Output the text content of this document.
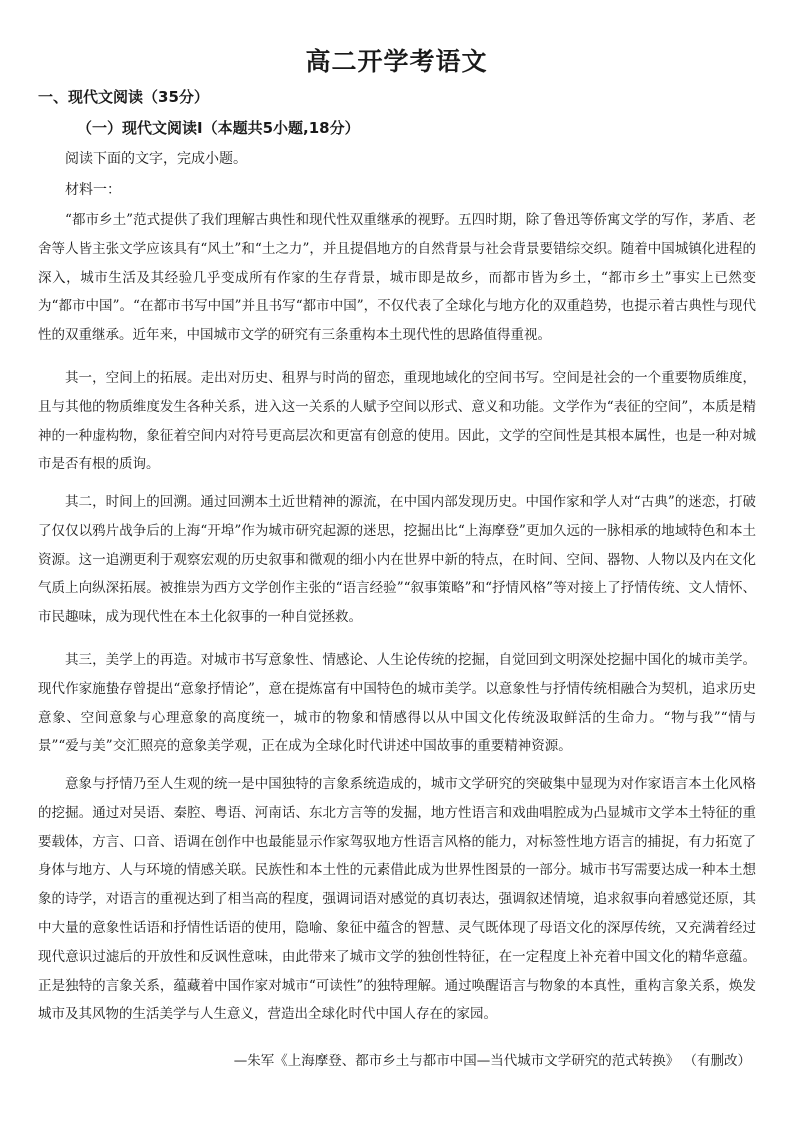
高二开学考语文
一、现代文阅读（35分）
（一）现代文阅读Ⅰ（本题共5小题,18分）
阅读下面的文字，完成小题。
材料一：

“都市乡土”范式提供了我们理解古典性和现代性双重继承的视野。五四时期，除了鲁迅等侨寓文学的写作，茅盾、老舍等人皆主张文学应该具有“风土”和“土之力”，并且提倡地方的自然背景与社会背景要错综交织。随着中国城镇化进程的深入，城市生活及其经验几乎变成所有作家的生存背景，城市即是故乡，而都市皆为乡土，“都市乡土”事实上已然变为“都市中国”。“在都市书写中国”并且书写“都市中国”，不仅代表了全球化与地方化的双重趋势，也提示着古典性与现代性的双重继承。近年来，中国城市文学的研究有三条重构本土现代性的思路值得重视。

其一，空间上的拓展。走出对历史、租界与时尚的留恋，重现地域化的空间书写。空间是社会的一个重要物质维度，且与其他的物质维度发生各种关系，进入这一关系的人赋予空间以形式、意义和功能。文学作为“表征的空间”，本质是精神的一种虚构物，象征着空间内对符号更高层次和更富有创意的使用。因此，文学的空间性是其根本属性，也是一种对城市是否有根的质询。

其二，时间上的回溯。通过回溯本土近世精神的源流，在中国内部发现历史。中国作家和学人对“古典”的迷恋，打破了仅仅以鸦片战争后的上海“开埠”作为城市研究起源的迷思，挖掘出比“上海摩登”更加久远的一脉相承的地域特色和本土资源。这一追溯更利于观察宏观的历史叙事和微观的细小内在世界中新的特点，在时间、空间、器物、人物以及内在文化气质上向纵深拓展。被推崇为西方文学创作主张的“语言经验”“叙事策略”和“抒情风格”等对接上了抒情传统、文人情怀、市民趣味，成为现代性在本土化叙事的一种自觉拯救。

其三，美学上的再造。对城市书写意象性、情感论、人生论传统的挖掘，自觉回到文明深处挖掘中国化的城市美学。现代作家施蛰存曾提出“意象抒情论”，意在提炼富有中国特色的城市美学。以意象性与抒情传统相融合为契机，追求历史意象、空间意象与心理意象的高度统一，城市的物象和情感得以从中国文化传统汲取鲜活的生命力。“物与我”“情与景”“爱与美”交汇照亮的意象美学观，正在成为全球化时代讲述中国故事的重要精神资源。

意象与抒情乃至人生观的统一是中国独特的言象系统造成的，城市文学研究的突破集中显现为对作家语言本土化风格的挖掘。通过对吴语、秦腔、粤语、河南话、东北方言等的发掘，地方性语言和戏曲唱腔成为凸显城市文学本土特征的重要载体，方言、口音、语调在创作中也最能显示作家驾驭地方性语言风格的能力，对标签性地方语言的捕捉，有力拓宽了身体与地方、人与环境的情感关联。民族性和本土性的元素借此成为世界性图景的一部分。城市书写需要达成一种本土想象的诗学，对语言的重视达到了相当高的程度，强调词语对感觉的真切表达，强调叙述情境，追求叙事向着感觉还原，其中大量的意象性话语和抒情性话语的使用，隐喻、象征中蕴含的智慧、灵气既体现了母语文化的深厚传统，又充满着经过现代意识过滤后的开放性和反讽性意味，由此带来了城市文学的独创性特征，在一定程度上补充着中国文化的精华意蕴。正是独特的言象关系，蕴藏着中国作家对城市“可读性”的独特理解。通过唤醒语言与物象的本真性，重构言象关系，焕发城市及其风物的生活美学与人生意义，营造出全球化时代中国人存在的家园。

—朱军《上海摩登、都市乡土与都市中国—当代城市文学研究的范式转换》 （有删改）
